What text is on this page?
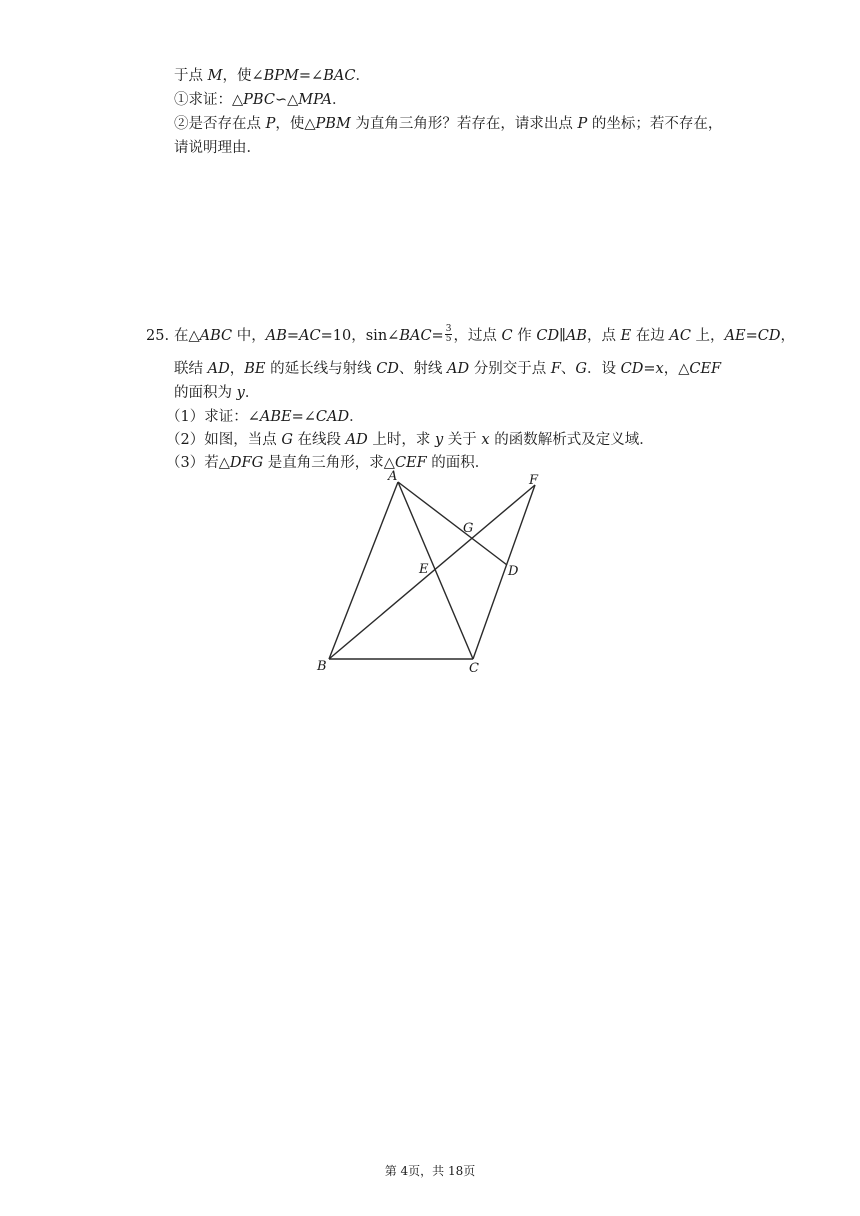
于点 M，使∠BPM=∠BAC．
①求证：△PBC∽△MPA．
②是否存在点 P，使△PBM 为直角三角形？若存在，请求出点 P 的坐标；若不存在，
请说明理由．
25. 在△ABC 中，AB=AC=10，sin∠BAC= $\frac{3}{5}$ ，过点 C 作 CD∥AB，点 E 在边 AC 上，AE=CD，
联结 AD，BE 的延长线与射线 CD、射线 AD 分别交于点 F、G．设 CD=x，△CEF
的面积为 y．
（1）求证：∠ABE=∠CAD．
（2）如图，当点 G 在线段 AD 上时，求 y 关于 x 的函数解析式及定义域．
（3）若△DFG 是直角三角形，求△CEF 的面积．
A
B	C
D
E
F
G
第 4页，共 18页
